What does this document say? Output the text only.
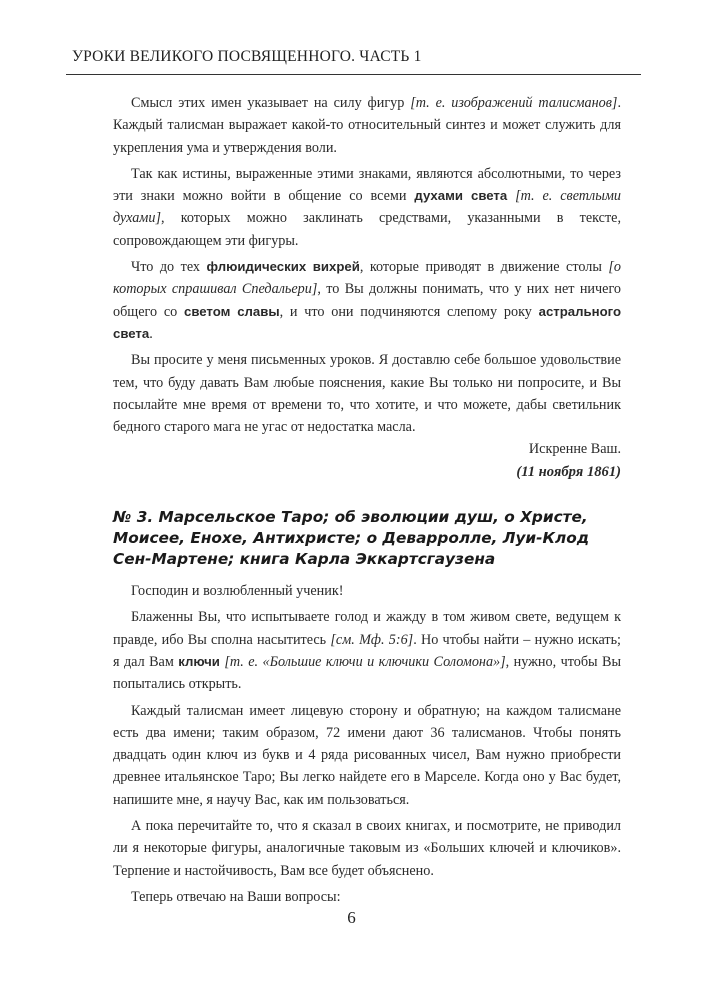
УРОКИ ВЕЛИКОГО ПОСВЯЩЕННОГО. ЧАСТЬ 1

Смысл этих имен указывает на силу фигур [т. е. изображений талисманов]. Каждый талисман выражает какой-то относительный синтез и может служить для укрепления ума и утверждения воли.

Так как истины, выраженные этими знаками, являются абсолютными, то через эти знаки можно войти в общение со всеми духами света [т. е. светлыми духами], которых можно заклинать средствами, указанными в тексте, сопровождающем эти фигуры.

Что до тех флюидических вихрей, которые приводят в движение столы [о которых спрашивал Спедальери], то Вы должны понимать, что у них нет ничего общего со светом славы, и что они подчиняются слепому року астрального света.

Вы просите у меня письменных уроков. Я доставлю себе большое удовольствие тем, что буду давать Вам любые пояснения, какие Вы только ни попросите, и Вы посылайте мне время от времени то, что хотите, и что можете, дабы светильник бедного старого мага не угас от недостатка масла.

Искренне Ваш.

(11 ноября 1861)

№ 3. Марсельское Таро; об эволюции душ, о Христе, Моисее, Енохе, Антихристе; о Деварролле, Луи-Клод Сен-Мартене; книга Карла Эккартсгаузена

Господин и возлюбленный ученик!

Блаженны Вы, что испытываете голод и жажду в том живом свете, ведущем к правде, ибо Вы сполна насытитесь [см. Мф. 5:6]. Но чтобы найти – нужно искать; я дал Вам ключи [т. е. «Большие ключи и ключики Соломона»], нужно, чтобы Вы попытались открыть.

Каждый талисман имеет лицевую сторону и обратную; на каждом талисмане есть два имени; таким образом, 72 имени дают 36 талисманов. Чтобы понять двадцать один ключ из букв и 4 ряда рисованных чисел, Вам нужно приобрести древнее итальянское Таро; Вы легко найдете его в Марселе. Когда оно у Вас будет, напишите мне, я научу Вас, как им пользоваться.

А пока перечитайте то, что я сказал в своих книгах, и посмотрите, не приводил ли я некоторые фигуры, аналогичные таковым из «Больших ключей и ключиков». Терпение и настойчивость, Вам все будет объяснено.

Теперь отвечаю на Ваши вопросы:

6
